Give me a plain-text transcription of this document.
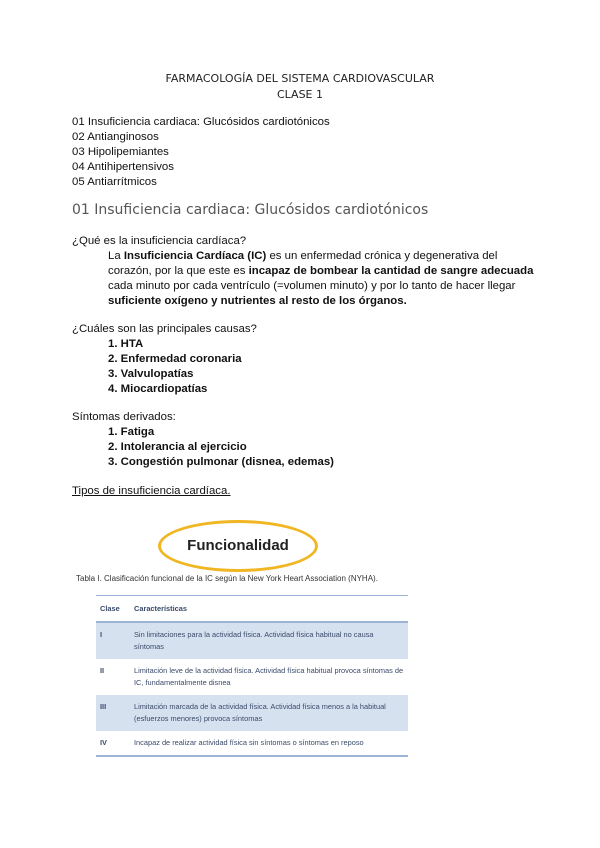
FARMACOLOGÍA DEL SISTEMA CARDIOVASCULAR
CLASE 1
01 Insuficiencia cardiaca: Glucósidos cardiotónicos
02 Antianginosos
03 Hipolipemiantes
04 Antihipertensivos
05 Antiarrítmicos
01 Insuficiencia cardiaca: Glucósidos cardiotónicos
¿Qué es la insuficiencia cardíaca?
La Insuficiencia Cardíaca (IC) es un enfermedad crónica y degenerativa del
corazón, por la que este es incapaz de bombear la cantidad de sangre adecuada
cada minuto por cada ventrículo (=volumen minuto) y por lo tanto de hacer llegar
suficiente oxígeno y nutrientes al resto de los órganos.
¿Cuáles son las principales causas?
1. HTA
2. Enfermedad coronaria
3. Valvulopatías
4. Miocardiopatías
Síntomas derivados:
1. Fatiga
2. Intolerancia al ejercicio
3. Congestión pulmonar (disnea, edemas)
Tipos de insuficiencia cardíaca.
Funcionalidad
Tabla I. Clasificación funcional de la IC según la New York Heart Association (NYHA).
Clase	Características
I	Sin limitaciones para la actividad física. Actividad física habitual no causa síntomas
II	Limitación leve de la actividad física. Actividad física habitual provoca síntomas de IC, fundamentalmente disnea
III	Limitación marcada de la actividad física. Actividad física menos a la habitual (esfuerzos menores) provoca síntomas
IV	Incapaz de realizar actividad física sin síntomas o síntomas en reposo
